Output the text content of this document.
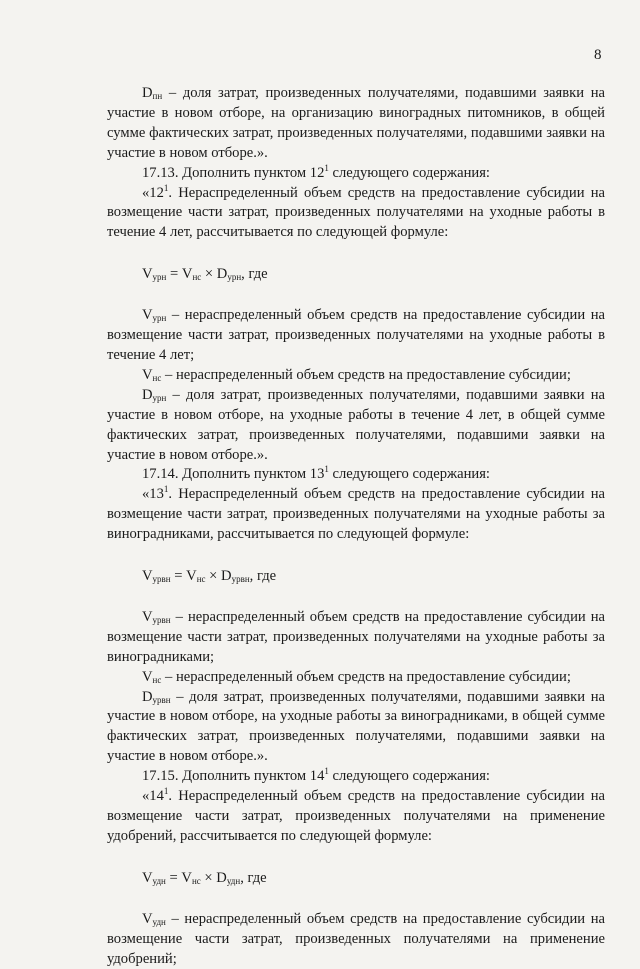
8

$D_{пн}$ – доля затрат, произведенных получателями, подавшими заявки на участие в новом отборе, на организацию виноградных питомников, в общей сумме фактических затрат, произведенных получателями, подавшими заявки на участие в новом отборе.».

17.13. Дополнить пунктом $12^1$ следующего содержания:

«$12^1$. Нераспределенный объем средств на предоставление субсидии на возмещение части затрат, произведенных получателями на уходные работы в течение 4 лет, рассчитывается по следующей формуле:

$V_{урн} = V_{нс} \times D_{урн}$, где

$V_{урн}$ – нераспределенный объем средств на предоставление субсидии на возмещение части затрат, произведенных получателями на уходные работы в течение 4 лет;

$V_{нс}$ – нераспределенный объем средств на предоставление субсидии;

$D_{урн}$ – доля затрат, произведенных получателями, подавшими заявки на участие в новом отборе, на уходные работы в течение 4 лет, в общей сумме фактических затрат, произведенных получателями, подавшими заявки на участие в новом отборе.».

17.14. Дополнить пунктом $13^1$ следующего содержания:

«$13^1$. Нераспределенный объем средств на предоставление субсидии на возмещение части затрат, произведенных получателями на уходные работы за виноградниками, рассчитывается по следующей формуле:

$V_{урвн} = V_{нс} \times D_{урвн}$, где

$V_{урвн}$ – нераспределенный объем средств на предоставление субсидии на возмещение части затрат, произведенных получателями на уходные работы за виноградниками;

$V_{нс}$ – нераспределенный объем средств на предоставление субсидии;

$D_{урвн}$ – доля затрат, произведенных получателями, подавшими заявки на участие в новом отборе, на уходные работы за виноградниками, в общей сумме фактических затрат, произведенных получателями, подавшими заявки на участие в новом отборе.».

17.15. Дополнить пунктом $14^1$ следующего содержания:

«$14^1$. Нераспределенный объем средств на предоставление субсидии на возмещение части затрат, произведенных получателями на применение удобрений, рассчитывается по следующей формуле:

$V_{удн} = V_{нс} \times D_{удн}$, где

$V_{удн}$ – нераспределенный объем средств на предоставление субсидии на возмещение части затрат, произведенных получателями на применение удобрений;
